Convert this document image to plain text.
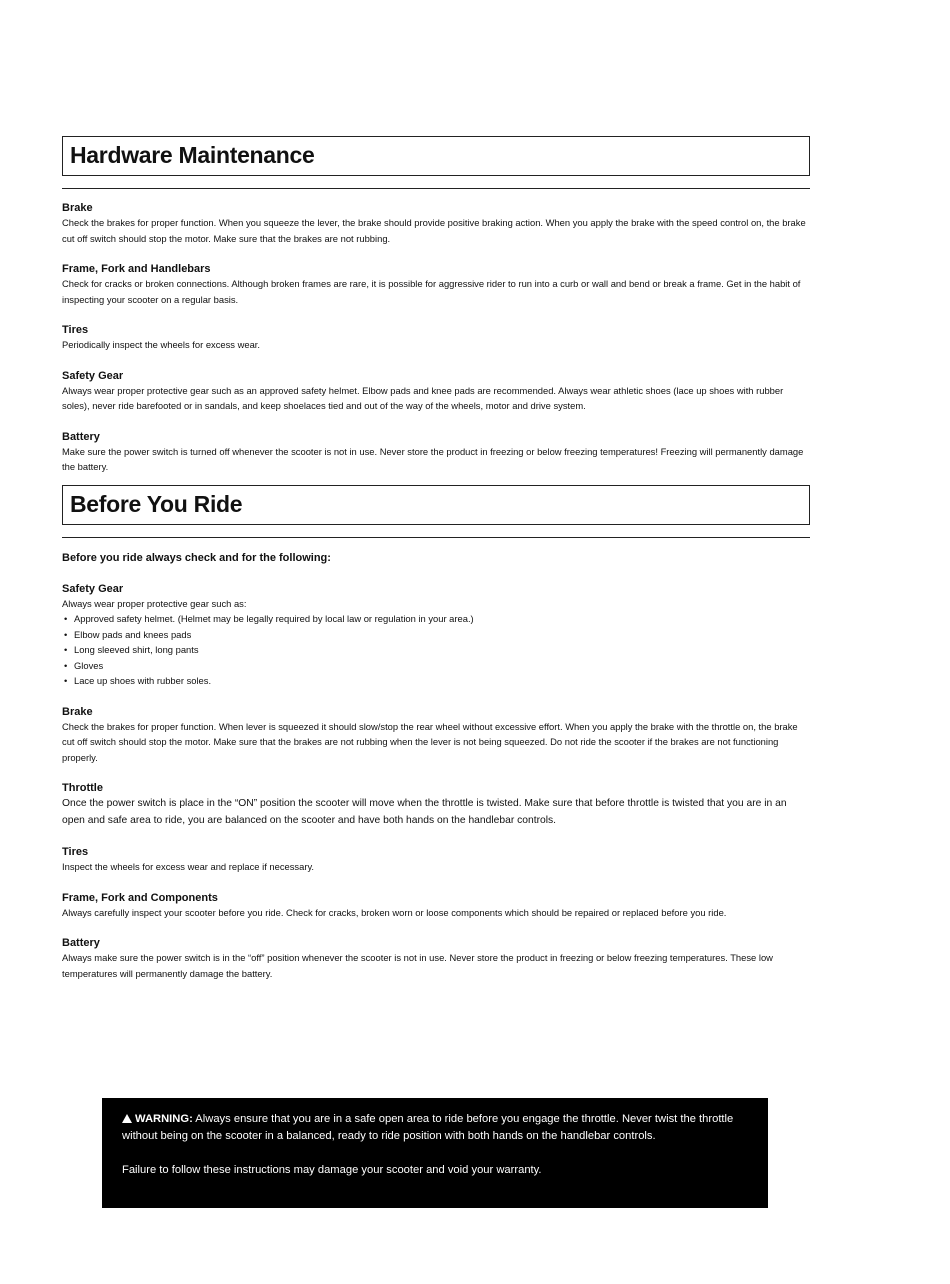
Hardware Maintenance

Brake

Check the brakes for proper function. When you squeeze the lever, the brake should provide positive braking action. When you apply the brake with the speed control on, the brake cut off switch should stop the motor. Make sure that the brakes are not rubbing.

Frame, Fork and Handlebars

Check for cracks or broken connections. Although broken frames are rare, it is possible for aggressive rider to run into a curb or wall and bend or break a frame. Get in the habit of inspecting your scooter on a regular basis.

Tires

Periodically inspect the wheels for excess wear.

Safety Gear

Always wear proper protective gear such as an approved safety helmet. Elbow pads and knee pads are recommended. Always wear athletic shoes (lace up shoes with rubber soles), never ride barefooted or in sandals, and keep shoelaces tied and out of the way of the wheels, motor and drive system.

Battery

Make sure the power switch is turned off whenever the scooter is not in use. Never store the product in freezing or below freezing temperatures! Freezing will permanently damage the battery.

Before You Ride

Before you ride always check and for the following:

Safety Gear

Always wear proper protective gear such as:

• Approved safety helmet. (Helmet may be legally required by local law or regulation in your area.)
• Elbow pads and knees pads
• Long sleeved shirt, long pants
• Gloves
• Lace up shoes with rubber soles.

Brake

Check the brakes for proper function. When lever is squeezed it should slow/stop the rear wheel without excessive effort. When you apply the brake with the throttle on, the brake cut off switch should stop the motor. Make sure that the brakes are not rubbing when the lever is not being squeezed. Do not ride the scooter if the brakes are not functioning properly.

Throttle

Once the power switch is place in the “ON” position the scooter will move when the throttle is twisted. Make sure that before throttle is twisted that you are in an open and safe area to ride, you are balanced on the scooter and have both hands on the handlebar controls.

Tires

Inspect the wheels for excess wear and replace if necessary.

Frame, Fork and Components

Always carefully inspect your scooter before you ride. Check for cracks, broken worn or loose components which should be repaired or replaced before you ride.

Battery

Always make sure the power switch is in the “off” position whenever the scooter is not in use. Never store the product in freezing or below freezing temperatures. These low temperatures will permanently damage the battery.

WARNING: Always ensure that you are in a safe open area to ride before you engage the throttle. Never twist the throttle without being on the scooter in a balanced, ready to ride position with both hands on the handlebar controls.

Failure to follow these instructions may damage your scooter and void your warranty.
